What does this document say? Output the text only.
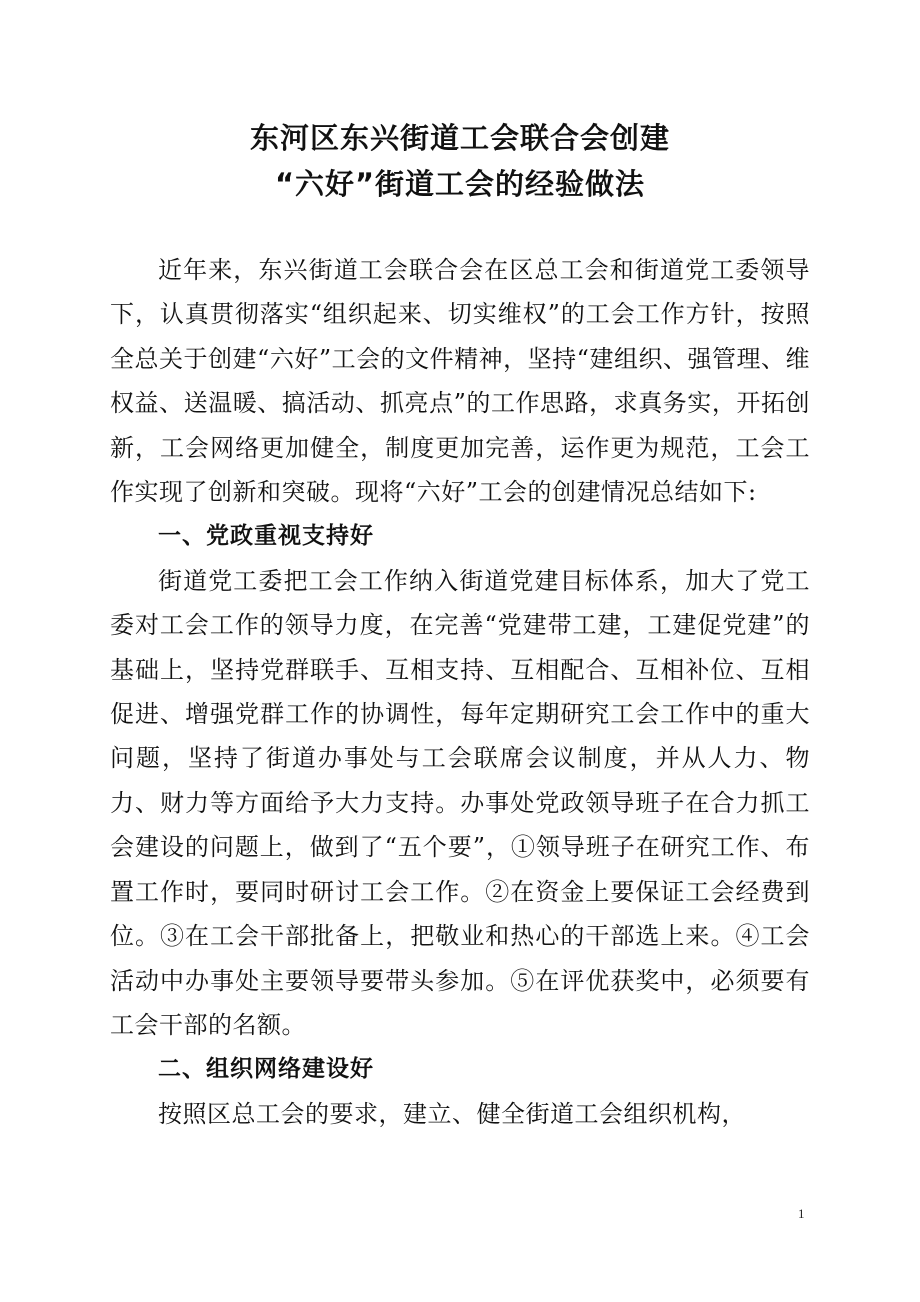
东河区东兴街道工会联合会创建
“六好”街道工会的经验做法

近年来，东兴街道工会联合会在区总工会和街道党工委领导下，认真贯彻落实“组织起来、切实维权”的工会工作方针，按照全总关于创建“六好”工会的文件精神，坚持“建组织、强管理、维权益、送温暖、搞活动、抓亮点”的工作思路，求真务实，开拓创新，工会网络更加健全，制度更加完善，运作更为规范，工会工作实现了创新和突破。现将“六好”工会的创建情况总结如下:

一、党政重视支持好

街道党工委把工会工作纳入街道党建目标体系，加大了党工委对工会工作的领导力度，在完善“党建带工建，工建促党建”的基础上，坚持党群联手、互相支持、互相配合、互相补位、互相促进、增强党群工作的协调性，每年定期研究工会工作中的重大问题，坚持了街道办事处与工会联席会议制度，并从人力、物力、财力等方面给予大力支持。办事处党政领导班子在合力抓工会建设的问题上，做到了“五个要”，①领导班子在研究工作、布置工作时，要同时研讨工会工作。②在资金上要保证工会经费到位。③在工会干部批备上，把敬业和热心的干部选上来。④工会活动中办事处主要领导要带头参加。⑤在评优获奖中，必须要有工会干部的名额。

二、组织网络建设好

按照区总工会的要求，建立、健全街道工会组织机构，

1
